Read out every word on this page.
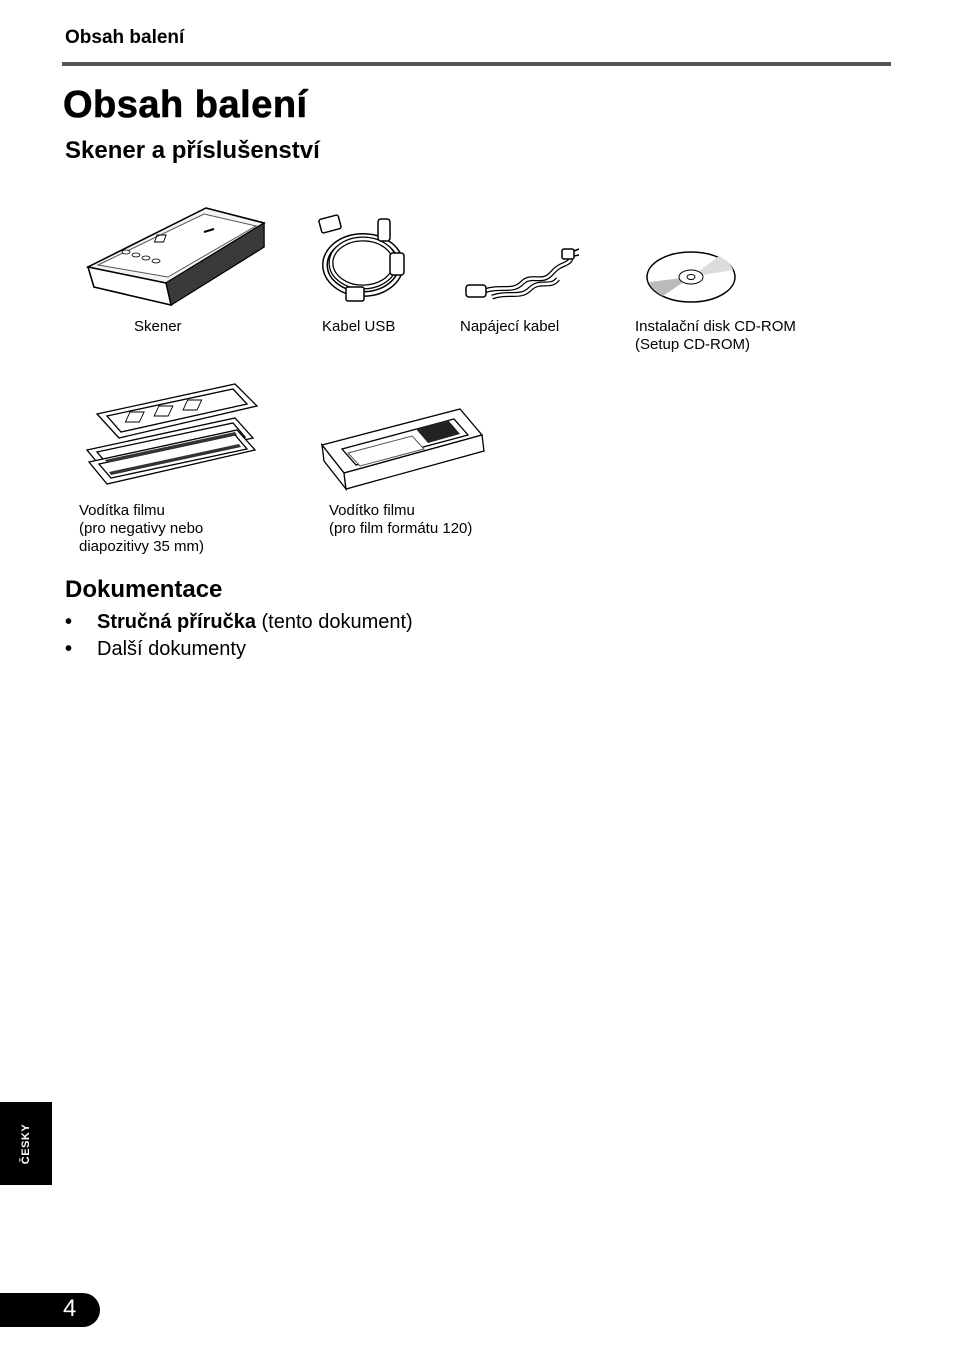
Obsah balení
Obsah balení
Skener a příslušenství
Skener	Kabel USB	Napájecí kabel	Instalační disk CD-ROM
(Setup CD-ROM)
Vodítka filmu
(pro negativy nebo
diapozitivy 35 mm)
Vodítko filmu
(pro film formátu 120)
Dokumentace
• Stručná příručka (tento dokument)
• Další dokumenty
ČESKY
4
